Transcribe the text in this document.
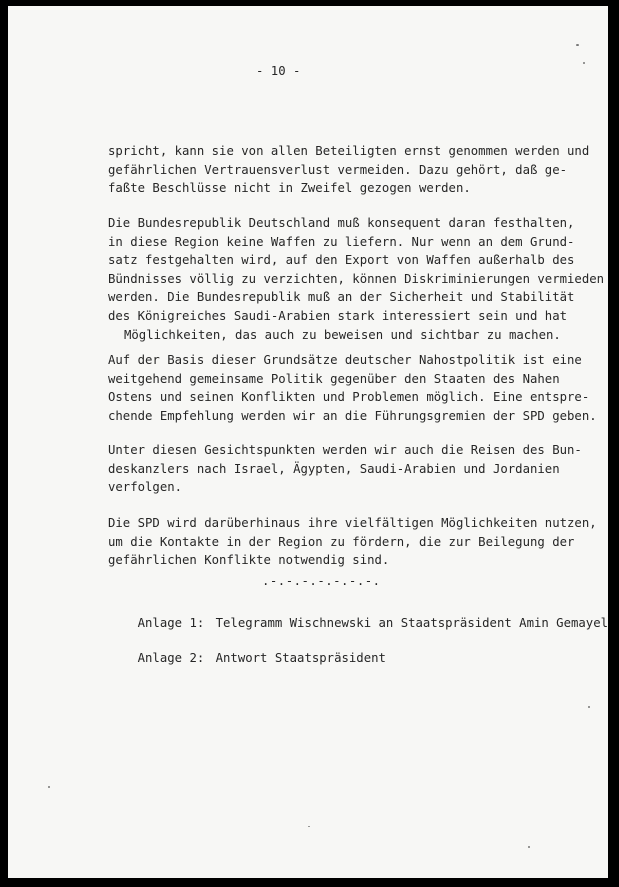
- 10 -
spricht, kann sie von allen Beteiligten ernst genommen werden und
gefährlichen Vertrauensverlust vermeiden. Dazu gehört, daß ge-
faßte Beschlüsse nicht in Zweifel gezogen werden.
Die Bundesrepublik Deutschland muß konsequent daran festhalten,
in diese Region keine Waffen zu liefern. Nur wenn an dem Grund-
satz festgehalten wird, auf den Export von Waffen außerhalb des
Bündnisses völlig zu verzichten, können Diskriminierungen vermieden
werden. Die Bundesrepublik muß an der Sicherheit und Stabilität
des Königreiches Saudi-Arabien stark interessiert sein und hat
Möglichkeiten, das auch zu beweisen und sichtbar zu machen.
Auf der Basis dieser Grundsätze deutscher Nahostpolitik ist eine
weitgehend gemeinsame Politik gegenüber den Staaten des Nahen
Ostens und seinen Konflikten und Problemen möglich. Eine entspre-
chende Empfehlung werden wir an die Führungsgremien der SPD geben.
Unter diesen Gesichtspunkten werden wir auch die Reisen des Bun-
deskanzlers nach Israel, Ägypten, Saudi-Arabien und Jordanien
verfolgen.
Die SPD wird darüberhinaus ihre vielfältigen Möglichkeiten nutzen,
um die Kontakte in der Region zu fördern, die zur Beilegung der
gefährlichen Konflikte notwendig sind.
.-.-.-.-.-.-.-.

Anlage 1: Telegramm Wischnewski an Staatspräsident Amin Gemayel

Anlage 2: Antwort Staatspräsident
